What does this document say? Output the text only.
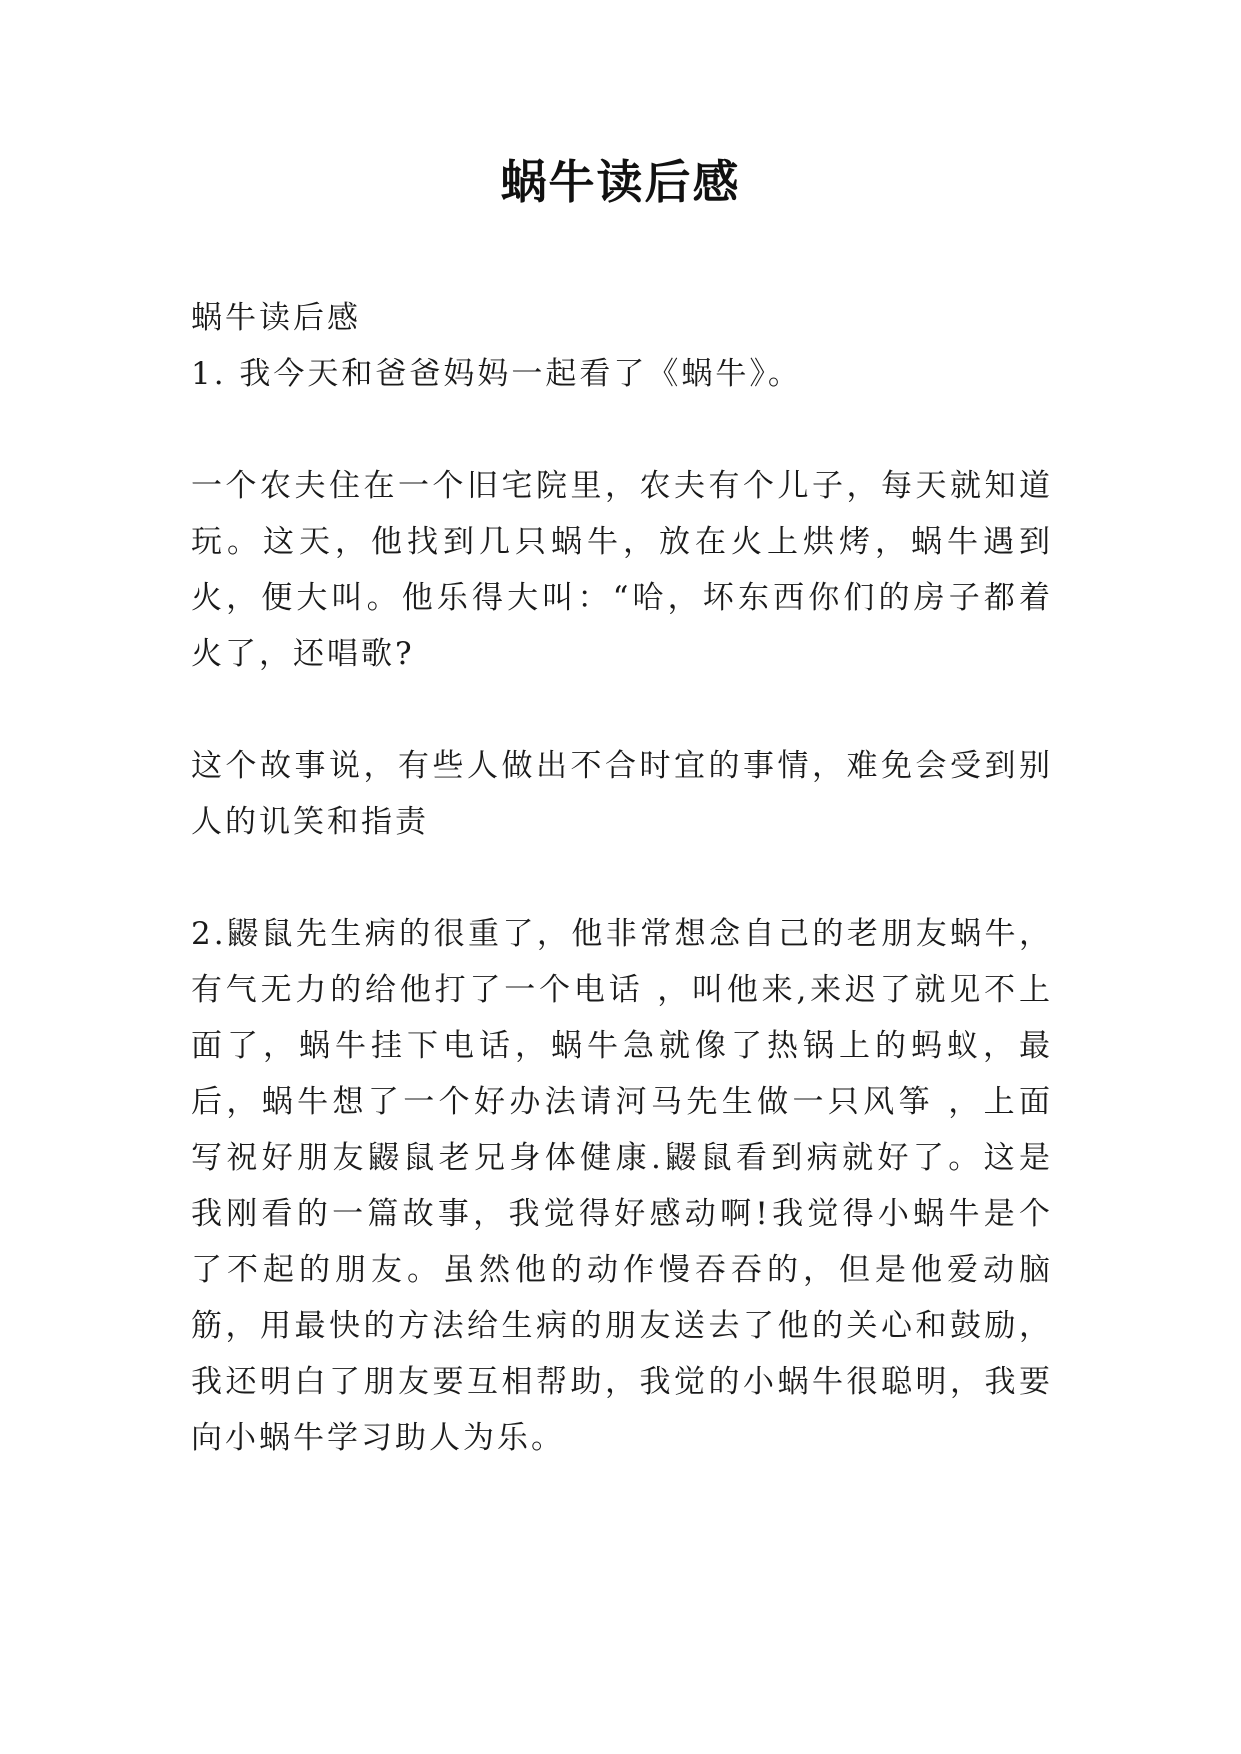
蜗牛读后感

蜗牛读后感

1. 我今天和爸爸妈妈一起看了《蜗牛》。

一个农夫住在一个旧宅院里，农夫有个儿子，每天就知道玩。这天，他找到几只蜗牛，放在火上烘烤，蜗牛遇到火，便大叫。他乐得大叫：“哈，坏东西你们的房子都着火了，还唱歌?

这个故事说，有些人做出不合时宜的事情，难免会受到别人的讥笑和指责

2.鼹鼠先生病的很重了，他非常想念自己的老朋友蜗牛，有气无力的给他打了一个电话 ，叫他来,来迟了就见不上面了，蜗牛挂下电话，蜗牛急就像了热锅上的蚂蚁，最后，蜗牛想了一个好办法请河马先生做一只风筝 ，上面写祝好朋友鼹鼠老兄身体健康.鼹鼠看到病就好了。这是我刚看的一篇故事，我觉得好感动啊!我觉得小蜗牛是个了不起的朋友。虽然他的动作慢吞吞的，但是他爱动脑筋，用最快的方法给生病的朋友送去了他的关心和鼓励，我还明白了朋友要互相帮助，我觉的小蜗牛很聪明，我要向小蜗牛学习助人为乐。
